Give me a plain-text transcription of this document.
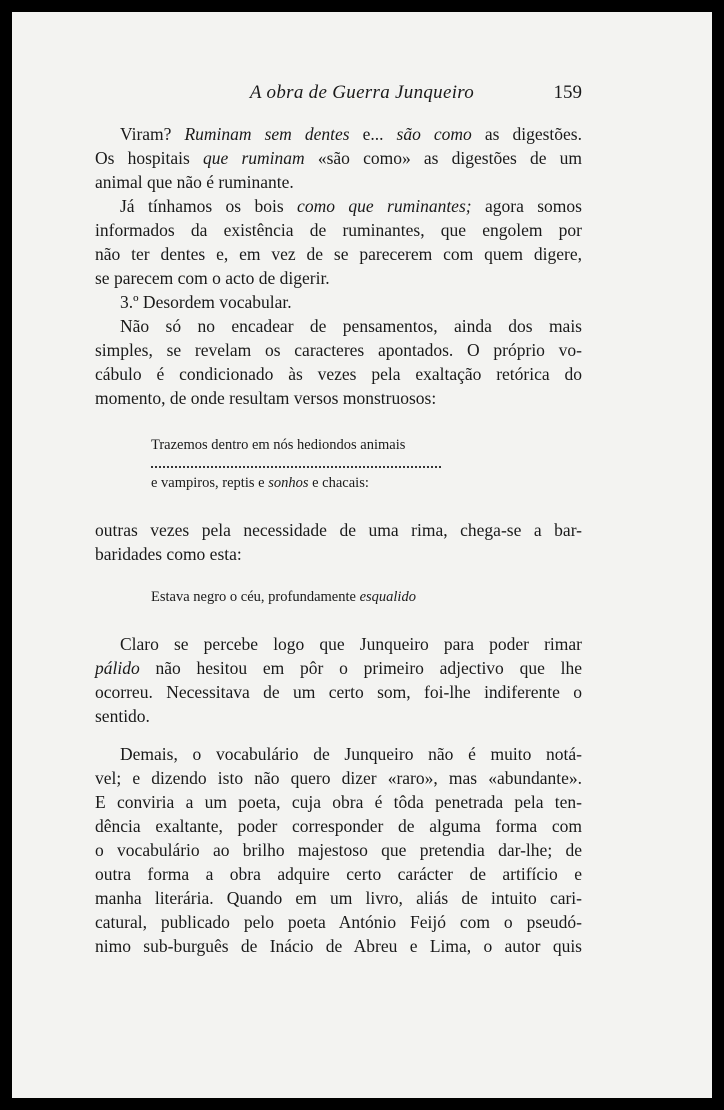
A obra de Guerra Junqueiro	159
Viram? Ruminam sem dentes e... são como as digestões.
Os hospitais que ruminam «são como» as digestões de um
animal que não é ruminante.
Já tínhamos os bois como que ruminantes; agora somos
informados da existência de ruminantes, que engolem por
não ter dentes e, em vez de se parecerem com quem digere,
se parecem com o acto de digerir.
3.º Desordem vocabular.
Não só no encadear de pensamentos, ainda dos mais
simples, se revelam os caracteres apontados. O próprio vo-
cábulo é condicionado às vezes pela exaltação retórica do
momento, de onde resultam versos monstruosos:
Trazemos dentro em nós hediondos animais
e vampiros, reptis e sonhos e chacais:
outras vezes pela necessidade de uma rima, chega-se a bar-
baridades como esta:
Estava negro o céu, profundamente esqualido
Claro se percebe logo que Junqueiro para poder rimar
pálido não hesitou em pôr o primeiro adjectivo que lhe
ocorreu. Necessitava de um certo som, foi-lhe indiferente o
sentido.
Demais, o vocabulário de Junqueiro não é muito notá-
vel; e dizendo isto não quero dizer «raro», mas «abundante».
E conviria a um poeta, cuja obra é tôda penetrada pela ten-
dência exaltante, poder corresponder de alguma forma com
o vocabulário ao brilho majestoso que pretendia dar-lhe; de
outra forma a obra adquire certo carácter de artifício e
manha literária. Quando em um livro, aliás de intuito cari-
catural, publicado pelo poeta António Feijó com o pseudó-
nimo sub-burguês de Inácio de Abreu e Lima, o autor quis
